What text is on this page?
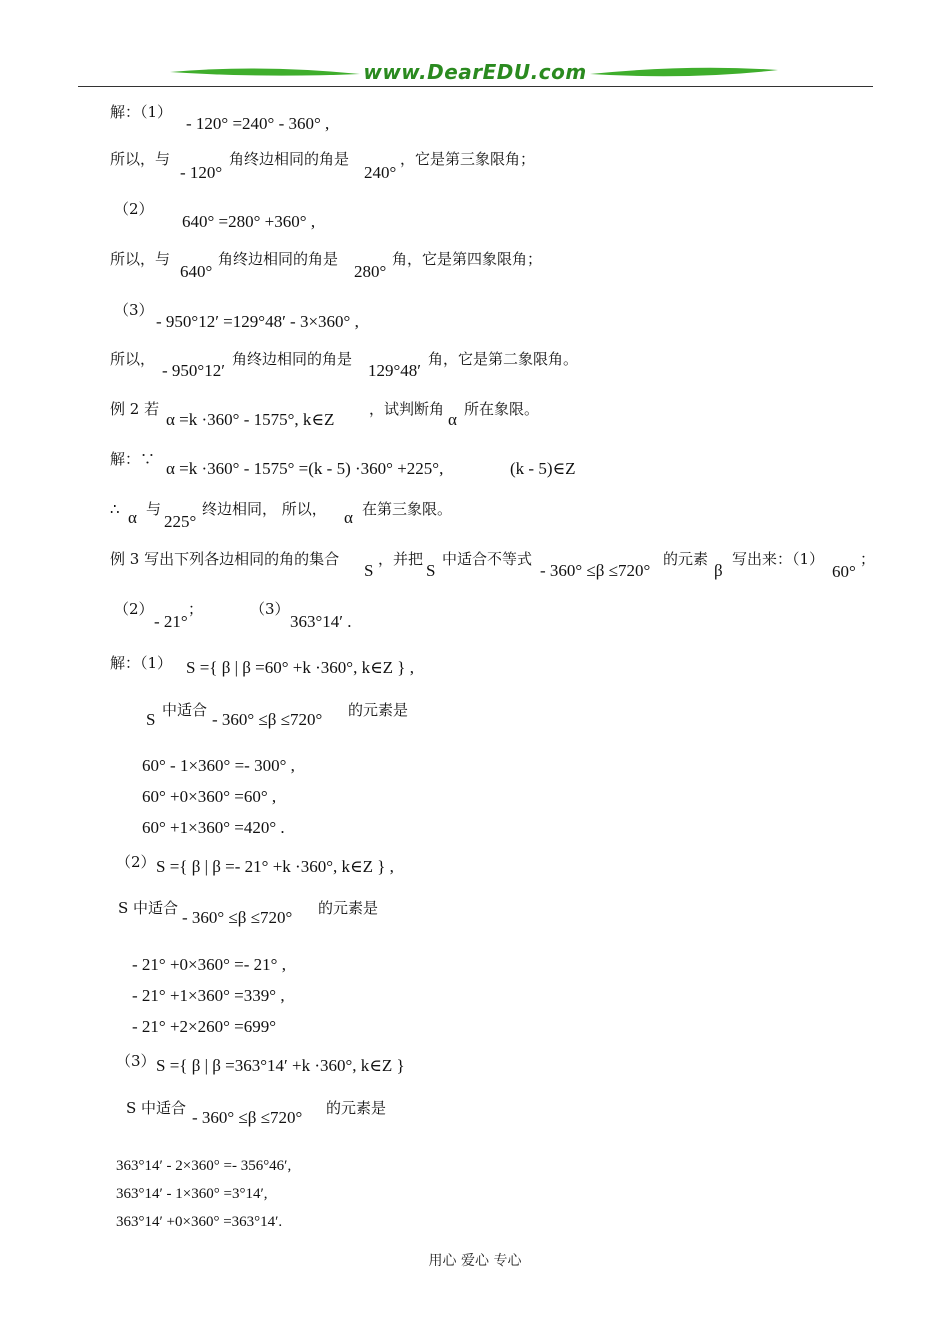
www.DearEDU.com
解：（1）
- 120° =240° - 360° ,
所以，与
- 120°
角终边相同的角是
240°
，它是第三象限角；
（2）
640° =280° +360° ,
所以，与
640°
角终边相同的角是
280°
角，它是第四象限角；
（3）
- 950°12′ =129°48′ - 3×360° ,
所以，
- 950°12′
角终边相同的角是
129°48′
角，它是第二象限角。
例 2 若
α =k ·360° - 1575°, k∈Z
，试判断角
α
所在象限。
解：∵ α =k ·360° - 1575° =(k - 5) ·360° +225°,	(k - 5)∈Z
∴ α 与
225°
终边相同， 所以， α 在第三象限。
例 3 写出下列各边相同的角的集合
S
，并把
S
中适合不等式
- 360° ≤β ≤720°
的元素
β
写出来：（1）
60°
；
（2）
- 21°
；	（3）
363°14′ .
解：（1） S ={ β | β =60° +k ·360°, k∈Z } ,
S 中适合 - 360° ≤β ≤720° 的元素是
60° - 1×360° =- 300° ,
60° +0×360° =60° ,
60° +1×360° =420° .
（2） S ={ β | β =- 21° +k ·360°, k∈Z } ,
S 中适合 - 360° ≤β ≤720° 的元素是
- 21° +0×360° =- 21° ,
- 21° +1×360° =339° ,
- 21° +2×260° =699°
（3） S ={ β | β =363°14′ +k ·360°, k∈Z }
S 中适合 - 360° ≤β ≤720° 的元素是
363°14′ - 2×360° =- 356°46′,
363°14′ - 1×360° =3°14′,
363°14′ +0×360° =363°14′.
用心 爱心 专心
